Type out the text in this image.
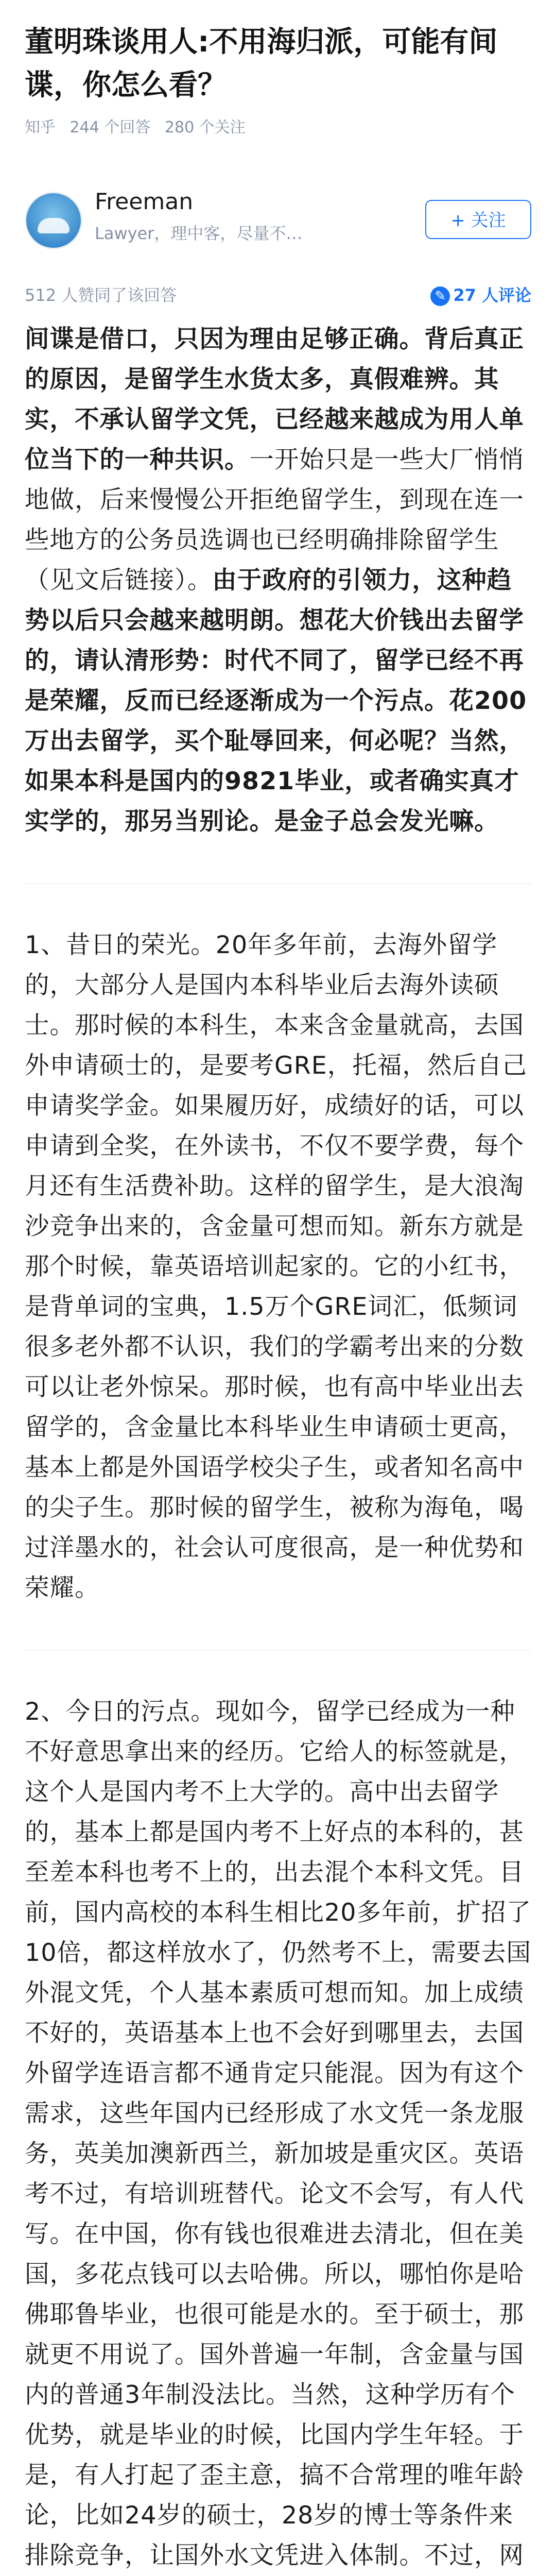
董明珠谈用人:不用海归派，可能有间谍，你怎么看？
知乎 244 个回答 280 个关注
Freeman
Lawyer，理中客，尽量不…
+ 关注
512 人赞同了该回答	✎ 27 人评论

间谍是借口，只因为理由足够正确。背后真正的原因，是留学生水货太多，真假难辨。其实，不承认留学文凭，已经越来越成为用人单位当下的一种共识。一开始只是一些大厂悄悄地做，后来慢慢公开拒绝留学生，到现在连一些地方的公务员选调也已经明确排除留学生（见文后链接）。由于政府的引领力，这种趋势以后只会越来越明朗。想花大价钱出去留学的，请认清形势：时代不同了，留学已经不再是荣耀，反而已经逐渐成为一个污点。花200万出去留学，买个耻辱回来，何必呢？当然，如果本科是国内的9821毕业，或者确实真才实学的，那另当别论。是金子总会发光嘛。

1、昔日的荣光。20年多年前，去海外留学的，大部分人是国内本科毕业后去海外读硕士。那时候的本科生，本来含金量就高，去国外申请硕士的，是要考GRE，托福，然后自己申请奖学金。如果履历好，成绩好的话，可以申请到全奖，在外读书，不仅不要学费，每个月还有生活费补助。这样的留学生，是大浪淘沙竞争出来的，含金量可想而知。新东方就是那个时候，靠英语培训起家的。它的小红书，是背单词的宝典，1.5万个GRE词汇，低频词很多老外都不认识，我们的学霸考出来的分数可以让老外惊呆。那时候，也有高中毕业出去留学的，含金量比本科毕业生申请硕士更高，基本上都是外国语学校尖子生，或者知名高中的尖子生。那时候的留学生，被称为海龟，喝过洋墨水的，社会认可度很高，是一种优势和荣耀。

2、今日的污点。现如今，留学已经成为一种不好意思拿出来的经历。它给人的标签就是，这个人是国内考不上大学的。高中出去留学的，基本上都是国内考不上好点的本科的，甚至差本科也考不上的，出去混个本科文凭。目前，国内高校的本科生相比20多年前，扩招了10倍，都这样放水了，仍然考不上，需要去国外混文凭，个人基本素质可想而知。加上成绩不好的，英语基本上也不会好到哪里去，去国外留学连语言都不通肯定只能混。因为有这个需求，这些年国内已经形成了水文凭一条龙服务，英美加澳新西兰，新加坡是重灾区。英语考不过，有培训班替代。论文不会写，有人代写。在中国，你有钱也很难进去清北，但在美国，多花点钱可以去哈佛。所以，哪怕你是哈佛耶鲁毕业，也很可能是水的。至于硕士，那就更不用说了。国外普遍一年制，含金量与国内的普通3年制没法比。当然，这种学历有个优势，就是毕业的时候，比国内学生年轻。于是，有人打起了歪主意，搞不合常理的唯年龄论，比如24岁的硕士，28岁的博士等条件来排除竞争，让国外水文凭进入体制。不过，网
